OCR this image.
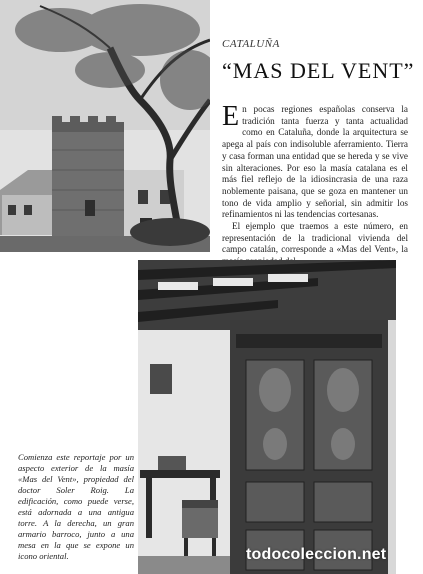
CATALUÑA
“MAS DEL VENT”

En pocas regiones españolas conserva la tradición tanta fuerza y tanta actualidad como en Cataluña, donde la arquitectura se apega al país con indisoluble aferramiento. Tierra y casa forman una entidad que se hereda y se vive sin alteraciones. Por eso la masía catalana es el más fiel reflejo de la idiosincrasia de una raza noblemente paisana, que se goza en mantener un tono de vida amplio y señorial, sin admitir los refinamientos ni las tendencias cortesanas.

El ejemplo que traemos a este número, en representación de la tradicional vivienda del campo catalán, corresponde a «Mas del Vent», la

Comienza este reportaje por un aspecto exterior de la masía «Mas del Vent», propiedad del doctor Soler Roig. La edificación, como puede verse, está adornada a una antigua torre. A la derecha, un gran armario barroco, junto a una mesa en la que se expone un icono oriental.	todocoleccion.net
